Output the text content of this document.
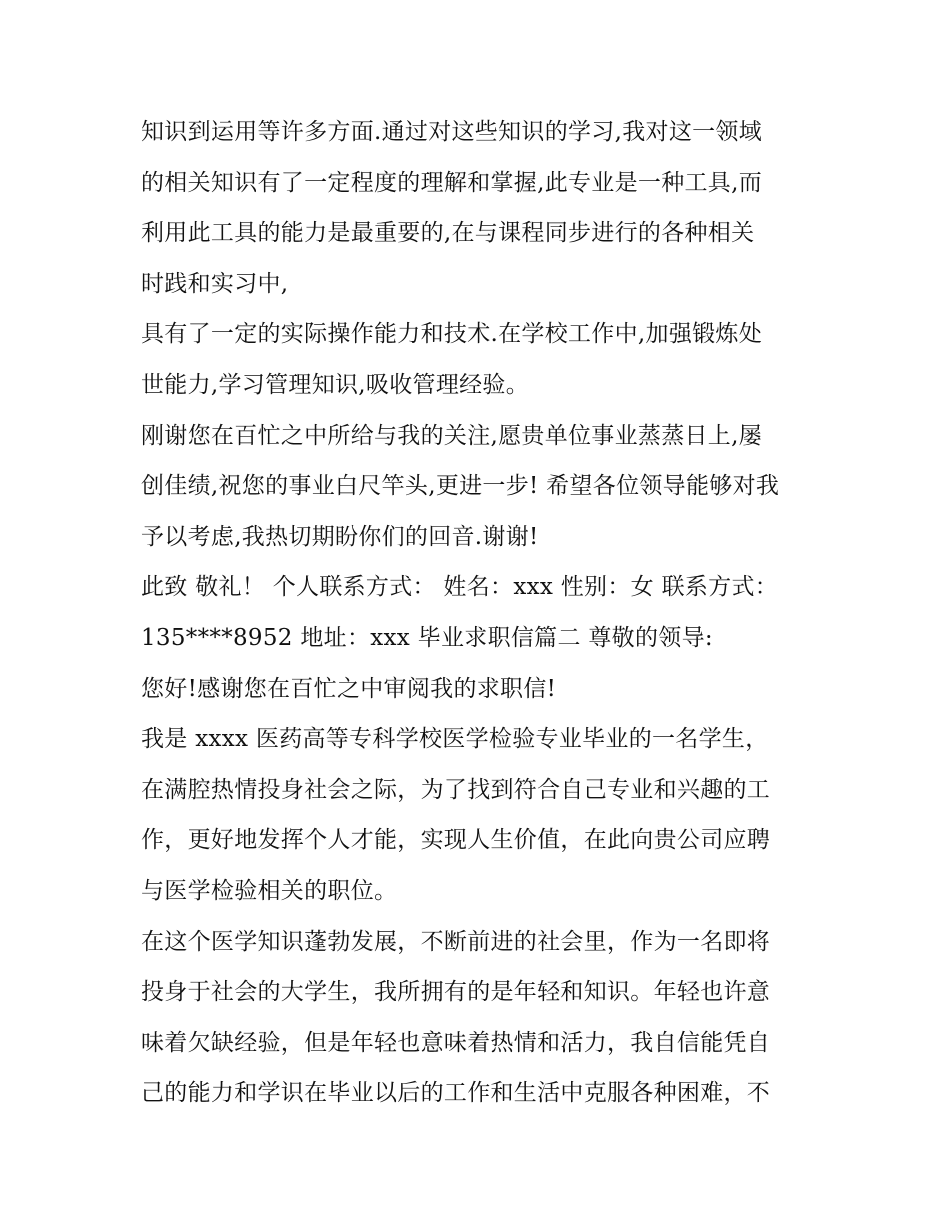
知识到运用等许多方面.通过对这些知识的学习,我对这一领域
的相关知识有了一定程度的理解和掌握,此专业是一种工具,而
利用此工具的能力是最重要的,在与课程同步进行的各种相关
时践和实习中,
具有了一定的实际操作能力和技术.在学校工作中,加强锻炼处
世能力,学习管理知识,吸收管理经验。
刚谢您在百忙之中所给与我的关注,愿贵单位事业蒸蒸日上,屡
创佳绩,祝您的事业白尺竿头,更进一步! 希望各位领导能够对我
予以考虑,我热切期盼你们的回音.谢谢!
此致 敬礼！ 个人联系方式： 姓名：xxx 性别：女 联系方式：
135****8952 地址：xxx 毕业求职信篇二 尊敬的领导:
您好!感谢您在百忙之中审阅我的求职信!
我是 xxxx 医药高等专科学校医学检验专业毕业的一名学生，
在满腔热情投身社会之际，为了找到符合自己专业和兴趣的工
作，更好地发挥个人才能，实现人生价值，在此向贵公司应聘
与医学检验相关的职位。
在这个医学知识蓬勃发展，不断前进的社会里，作为一名即将
投身于社会的大学生，我所拥有的是年轻和知识。年轻也许意
味着欠缺经验，但是年轻也意味着热情和活力，我自信能凭自
己的能力和学识在毕业以后的工作和生活中克服各种困难，不
